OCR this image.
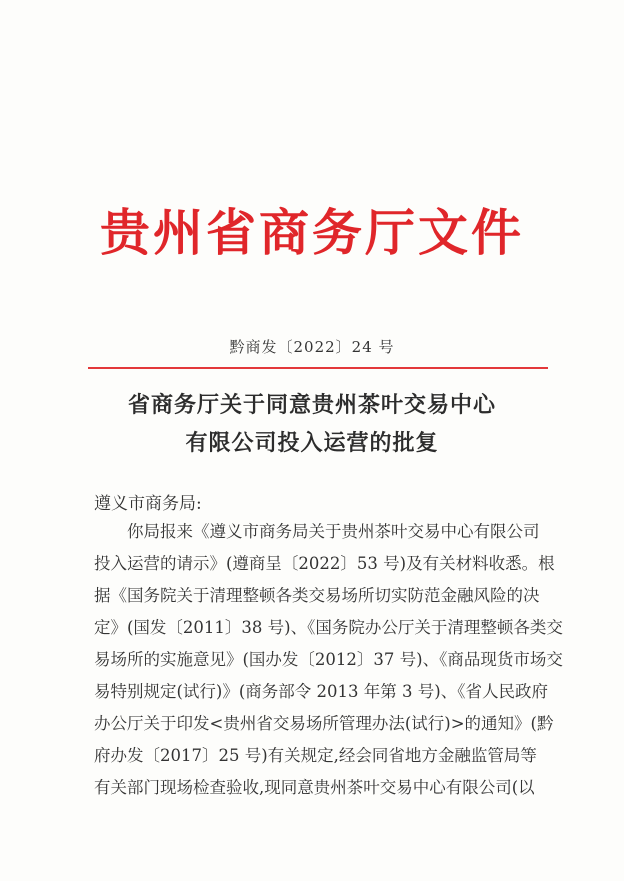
贵州省商务厅文件
黔商发〔2022〕24 号
省商务厅关于同意贵州茶叶交易中心
有限公司投入运营的批复
遵义市商务局:
　　你局报来《遵义市商务局关于贵州茶叶交易中心有限公司
投入运营的请示》(遵商呈〔2022〕53 号)及有关材料收悉。根
据《国务院关于清理整顿各类交易场所切实防范金融风险的决
定》(国发〔2011〕38 号)、《国务院办公厅关于清理整顿各类交
易场所的实施意见》(国办发〔2012〕37 号)、《商品现货市场交
易特别规定(试行)》(商务部令 2013 年第 3 号)、《省人民政府
办公厅关于印发<贵州省交易场所管理办法(试行)>的通知》(黔
府办发〔2017〕25 号)有关规定,经会同省地方金融监管局等
有关部门现场检查验收,现同意贵州茶叶交易中心有限公司(以
